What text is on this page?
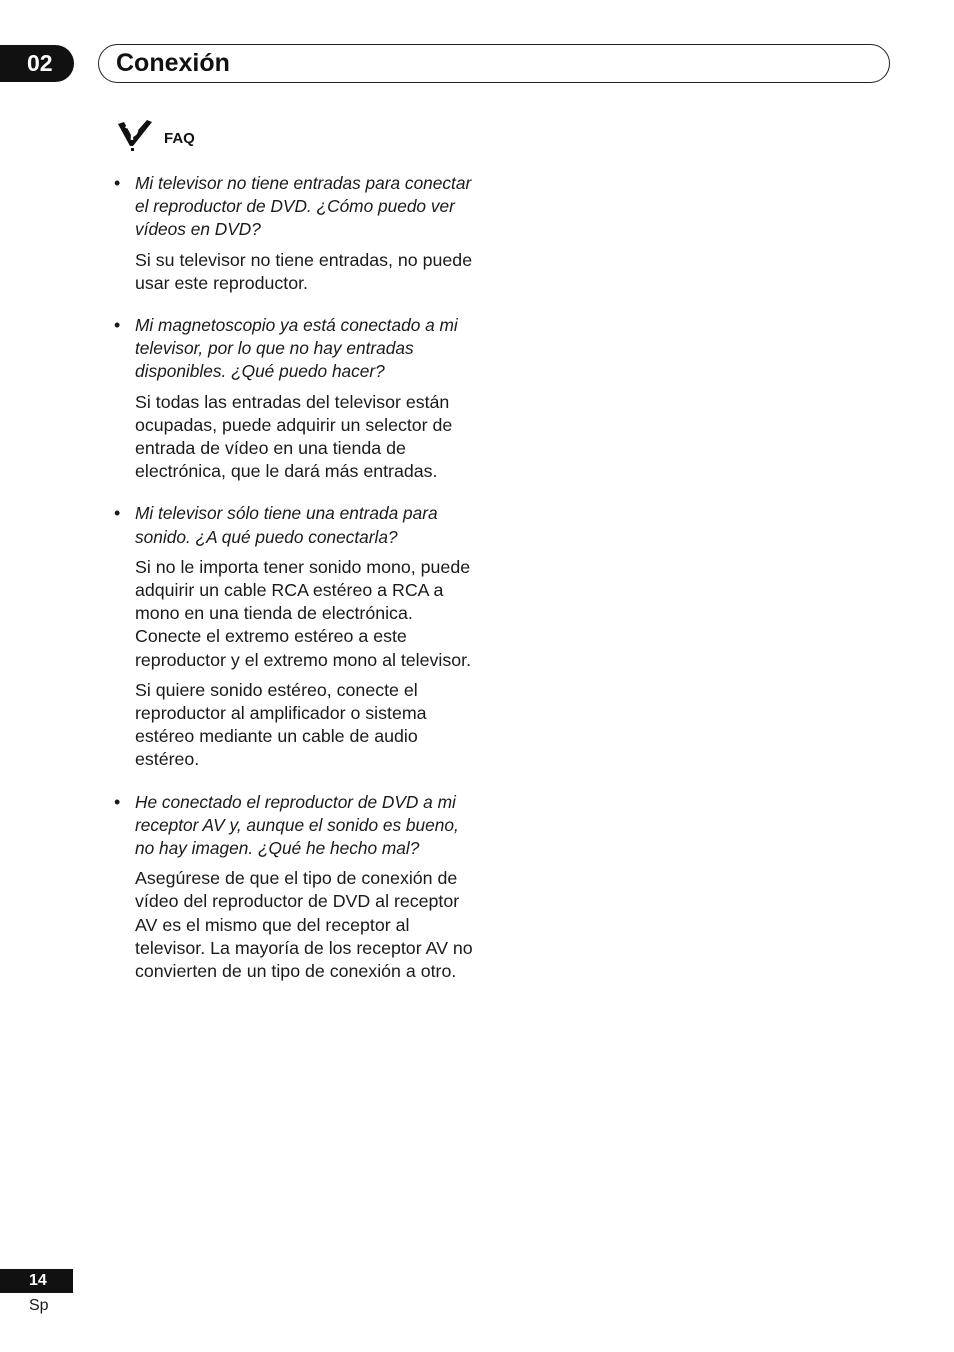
02	Conexión
FAQ
• Mi televisor no tiene entradas para conectar el reproductor de DVD. ¿Cómo puedo ver vídeos en DVD?

Si su televisor no tiene entradas, no puede usar este reproductor.

• Mi magnetoscopio ya está conectado a mi televisor, por lo que no hay entradas disponibles. ¿Qué puedo hacer?

Si todas las entradas del televisor están ocupadas, puede adquirir un selector de entrada de vídeo en una tienda de electrónica, que le dará más entradas.

• Mi televisor sólo tiene una entrada para sonido. ¿A qué puedo conectarla?

Si no le importa tener sonido mono, puede adquirir un cable RCA estéreo a RCA a mono en una tienda de electrónica. Conecte el extremo estéreo a este reproductor y el extremo mono al televisor.

Si quiere sonido estéreo, conecte el reproductor al amplificador o sistema estéreo mediante un cable de audio estéreo.

• He conectado el reproductor de DVD a mi receptor AV y, aunque el sonido es bueno, no hay imagen. ¿Qué he hecho mal?

Asegúrese de que el tipo de conexión de vídeo del reproductor de DVD al receptor AV es el mismo que del receptor al televisor. La mayoría de los receptor AV no convierten de un tipo de conexión a otro.

14
Sp
